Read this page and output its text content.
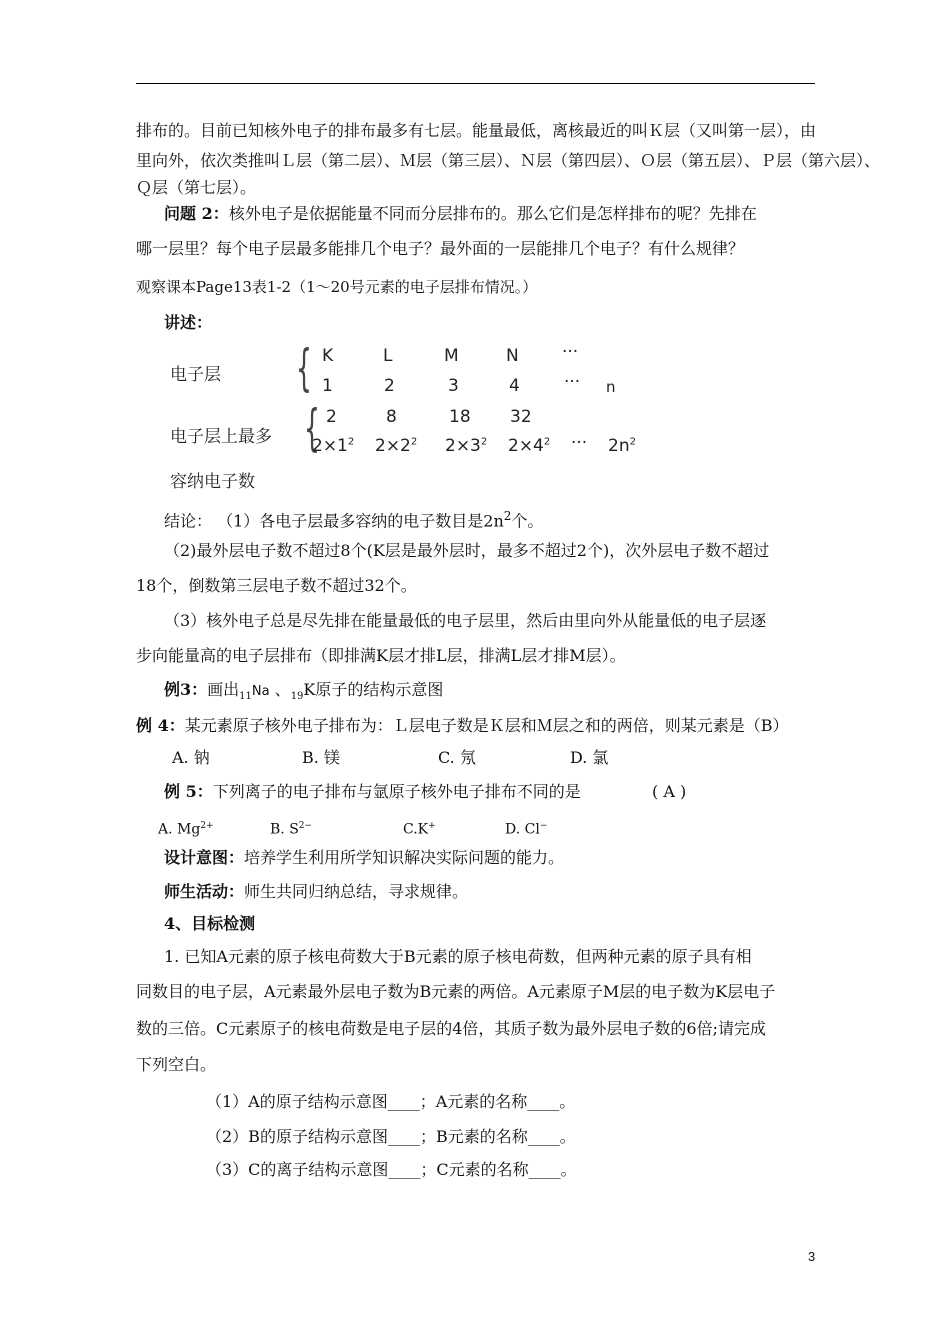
排布的。目前已知核外电子的排布最多有七层。能量最低，离核最近的叫Ｋ层（又叫第一层），由
里向外，依次类推叫Ｌ层（第二层）、Ｍ层（第三层）、Ｎ层（第四层）、Ｏ层（第五层）、Ｐ层（第六层）、
Ｑ层（第七层）。
问题 2：核外电子是依据能量不同而分层排布的。那么它们是怎样排布的呢？先排在
哪一层里？每个电子层最多能排几个电子？最外面的一层能排几个电子？有什么规律？
观察课本Page13表1-2（1～20号元素的电子层排布情况。）
讲述：
电子层 { K	L	M	N	···
1	2	3	4	··· n
电子层上最多
容纳电子数
{ 2	8	18 32
$2\times 1^2$ $2\times 2^2$ $2\times 3^2$ $2\times 4^2$ ··· $2n^2$
结论： （1）各电子层最多容纳的电子数目是$2n^2$个。
（2)最外层电子数不超过8个(K层是最外层时，最多不超过2个)，次外层电子数不超过
18个，倒数第三层电子数不超过32个。
（3）核外电子总是尽先排在能量最低的电子层里，然后由里向外从能量低的电子层逐
步向能量高的电子层排布（即排满K层才排L层，排满L层才排M层）。
例3：画出$_{11}$Na 、$_{19}$K原子的结构示意图
例 4：某元素原子核外电子排布为：Ｌ层电子数是Ｋ层和Ｍ层之和的两倍，则某元素是（B）
A. 钠	B. 镁	C. 氖	D. 氯
例 5：下列离子的电子排布与氩原子核外电子排布不同的是	( A )
A. $Mg^{2+}$	B. $S^{2-}$	C.K+	D. Cl−
设计意图：培养学生利用所学知识解决实际问题的能力。
师生活动：师生共同归纳总结，寻求规律。
4、目标检测
1. 已知A元素的原子核电荷数大于B元素的原子核电荷数，但两种元素的原子具有相
同数目的电子层，A元素最外层电子数为B元素的两倍。A元素原子M层的电子数为K层电子
数的三倍。C元素原子的核电荷数是电子层的4倍，其质子数为最外层电子数的6倍;请完成
下列空白。
（1）A的原子结构示意图____；A元素的名称____。
（2）B的原子结构示意图____；B元素的名称____。
（3）C的离子结构示意图____；C元素的名称____。
3
